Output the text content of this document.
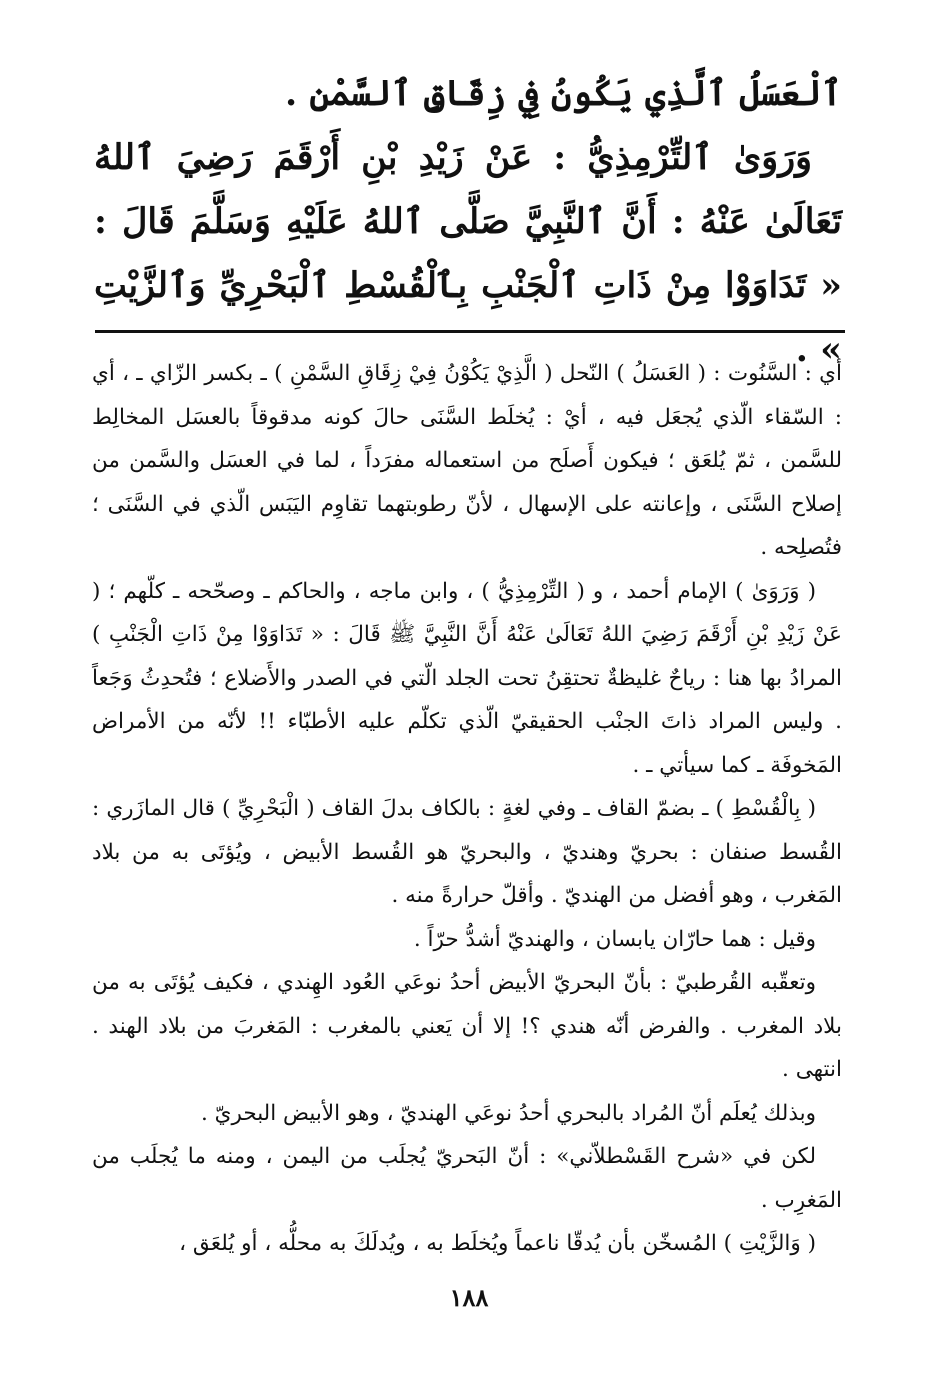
ٱلْعَسَلُ ٱلَّذِي يَكُونُ فِي زِقَاقِ ٱلسَّمْنِ .

وَرَوَىٰ ٱلتِّرْمِذِيُّ : عَنْ زَيْدِ بْنِ أَرْقَمَ رَضِيَ ٱللهُ تَعَالَىٰ عَنْهُ : أَنَّ ٱلنَّبِيَّ صَلَّى ٱللهُ عَلَيْهِ وَسَلَّمَ قَالَ : « تَدَاوَوْا مِنْ ذَاتِ ٱلْجَنْبِ بِٱلْقُسْطِ ٱلْبَحْرِيِّ وَٱلزَّيْتِ » .

أي : السَّنُوت : ( العَسَلُ ) النّحل ( الَّذِيْ يَكُوْنُ فِيْ زِقَاقِ السَّمْنِ ) ـ بكسر الزّاي ـ ، أي : السّقاء الّذي يُجعَل فيه ، أيْ : يُخلَط السَّنَى حالَ كونه مدقوقاً بالعسَل المخالِط للسَّمن ، ثمّ يُلعَق ؛ فيكون أَصلَح من استعماله مفرَداً ، لما في العسَل والسَّمن من إصلاح السَّنَى ، وإعانته على الإسهال ، لأنّ رطوبتهما تقاوِم اليَبَس الّذي في السَّنَى ؛ فتُصلِحه .

( وَرَوَىٰ ) الإمام أحمد ، و ( التِّرْمِذِيُّ ) ، وابن ماجه ، والحاكم ـ وصحّحه ـ كلّهم ؛ ( عَنْ زَيْدِ بْنِ أَرْقَمَ رَضِيَ اللهُ تَعَالَىٰ عَنْهُ أَنَّ النَّبِيَّ ﷺ قَالَ : « تَدَاوَوْا مِنْ ذَاتِ الْجَنْبِ ) المرادُ بها هنا : رياحٌ غليظةٌ تحتقِنُ تحت الجلد الّتي في الصدر والأَضلاع ؛ فتُحدِثُ وَجَعاً . وليس المراد ذاتَ الجنْب الحقيقيّ الّذي تكلّم عليه الأطبّاء !! لأنّه من الأمراض المَخوفَة ـ كما سيأتي ـ .

( بِالْقُسْطِ ) ـ بضمّ القاف ـ وفي لغةٍ : بالكاف بدلَ القاف ( الْبَحْرِيِّ ) قال المازَري : القُسط صنفان : بحريّ وهنديّ ، والبحريّ هو القُسط الأبيض ، ويُؤتَى به من بلاد المَغرب ، وهو أفضل من الهنديّ . وأقلّ حرارةً منه .

وقيل : هما حارّان يابسان ، والهنديّ أشدُّ حرّاً .

وتعقّبه القُرطبيّ : بأنّ البحريّ الأبيض أحدُ نوعَي العُود الهِندي ، فكيف يُؤتَى به من بلاد المغرب . والفرض أنّه هندي ؟! إلا أن يَعني بالمغرب : المَغربَ من بلاد الهند . انتهى .

وبذلك يُعلَم أنّ المُراد بالبحري أحدُ نوعَي الهنديّ ، وهو الأبيض البحريّ .

لكن في «شرح القَسْطلاّني» : أنّ البَحريّ يُجلَب من اليمن ، ومنه ما يُجلَب من المَغرِب .

( وَالزَّيْتِ ) المُسخّن بأن يُدقّا ناعماً ويُخلَط به ، ويُدلَكَ به محلُّه ، أو يُلعَق ،

١٨٨
